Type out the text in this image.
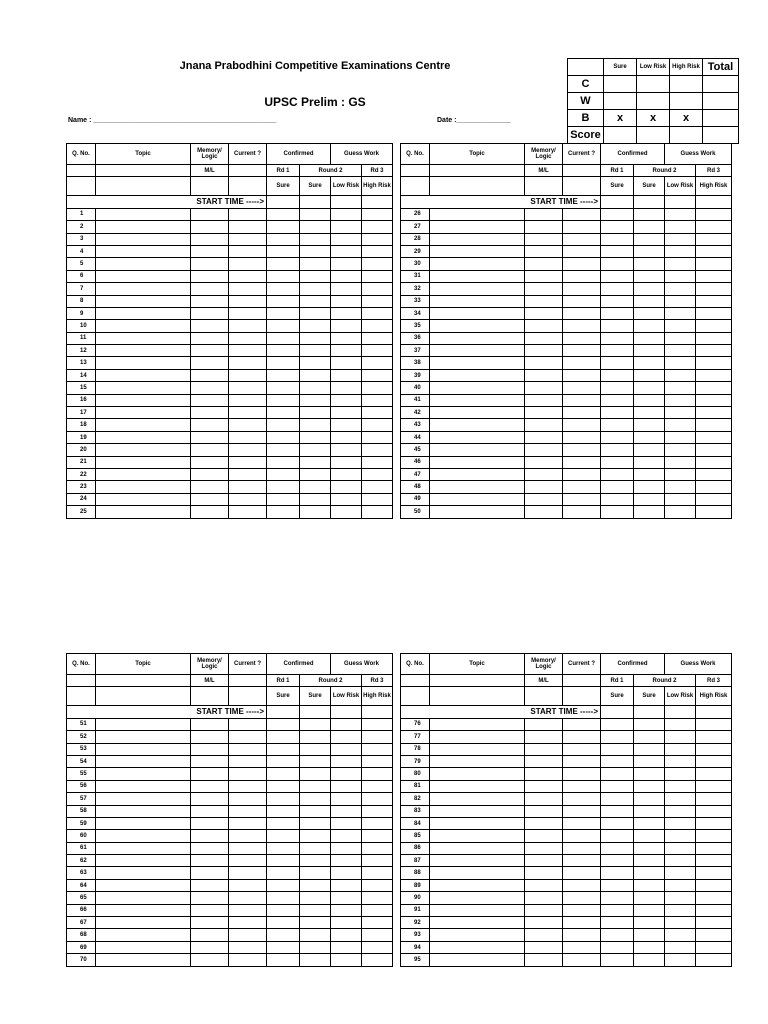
Jnana Prabodhini Competitive Examinations Centre
UPSC Prelim : GS
Name : _______________________________________________	Date :______________
	Sure	Low Risk	High Risk	Total
C				
W				
B	x	x	x	
Score				
Q. No.	Topic	Memory/ Logic	Current ?	Confirmed		Guess Work			Q. No.	Topic	Memory/ Logic	Current ?	Confirmed		Guess Work	
		M/L		Rd 1	Round 2		Rd 3				M/L		Rd 1	Round 2		Rd 3
				Sure	Sure	Low Risk	High Risk						Sure	Sure	Low Risk	High Risk
START TIME ----->									START TIME ----->							
1									26							
2									27							
3									28							
4									29							
5									30							
6									31							
7									32							
8									33							
9									34							
10									35							
11									36							
12									37							
13									38							
14									39							
15									40							
16									41							
17									42							
18									43							
19									44							
20									45							
21									46							
22									47							
23									48							
24									49							
25									50							
Q. No.	Topic	Memory/ Logic	Current ?	Confirmed		Guess Work			Q. No.	Topic	Memory/ Logic	Current ?	Confirmed		Guess Work	
		M/L		Rd 1	Round 2		Rd 3				M/L		Rd 1	Round 2		Rd 3
				Sure	Sure	Low Risk	High Risk						Sure	Sure	Low Risk	High Risk
START TIME ----->									START TIME ----->							
51									76							
52									77							
53									78							
54									79							
55									80							
56									81							
57									82							
58									83							
59									84							
60									85							
61									86							
62									87							
63									88							
64									89							
65									90							
66									91							
67									92							
68									93							
69									94							
70									95							
